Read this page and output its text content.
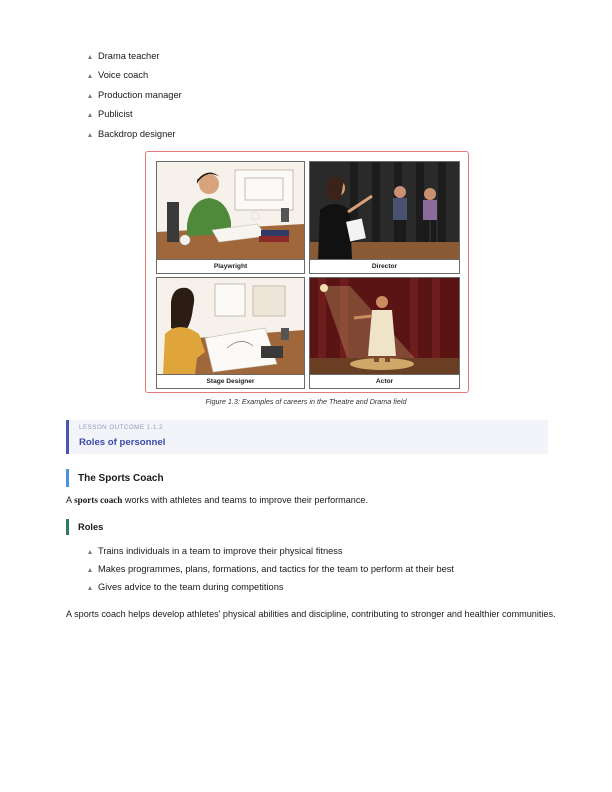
Drama teacher
Voice coach
Production manager
Publicist
Backdrop designer
Playwright	Director
Stage Designer	Actor
Figure 1.3: Examples of careers in the Theatre and Drama field
LESSON OUTCOME 1.1.2
Roles of personnel
The Sports Coach
A sports coach works with athletes and teams to improve their performance.
Roles
Trains individuals in a team to improve their physical fitness
Makes programmes, plans, formations, and tactics for the team to perform at their best
Gives advice to the team during competitions
A sports coach helps develop athletes' physical abilities and discipline, contributing to stronger and healthier communities.
